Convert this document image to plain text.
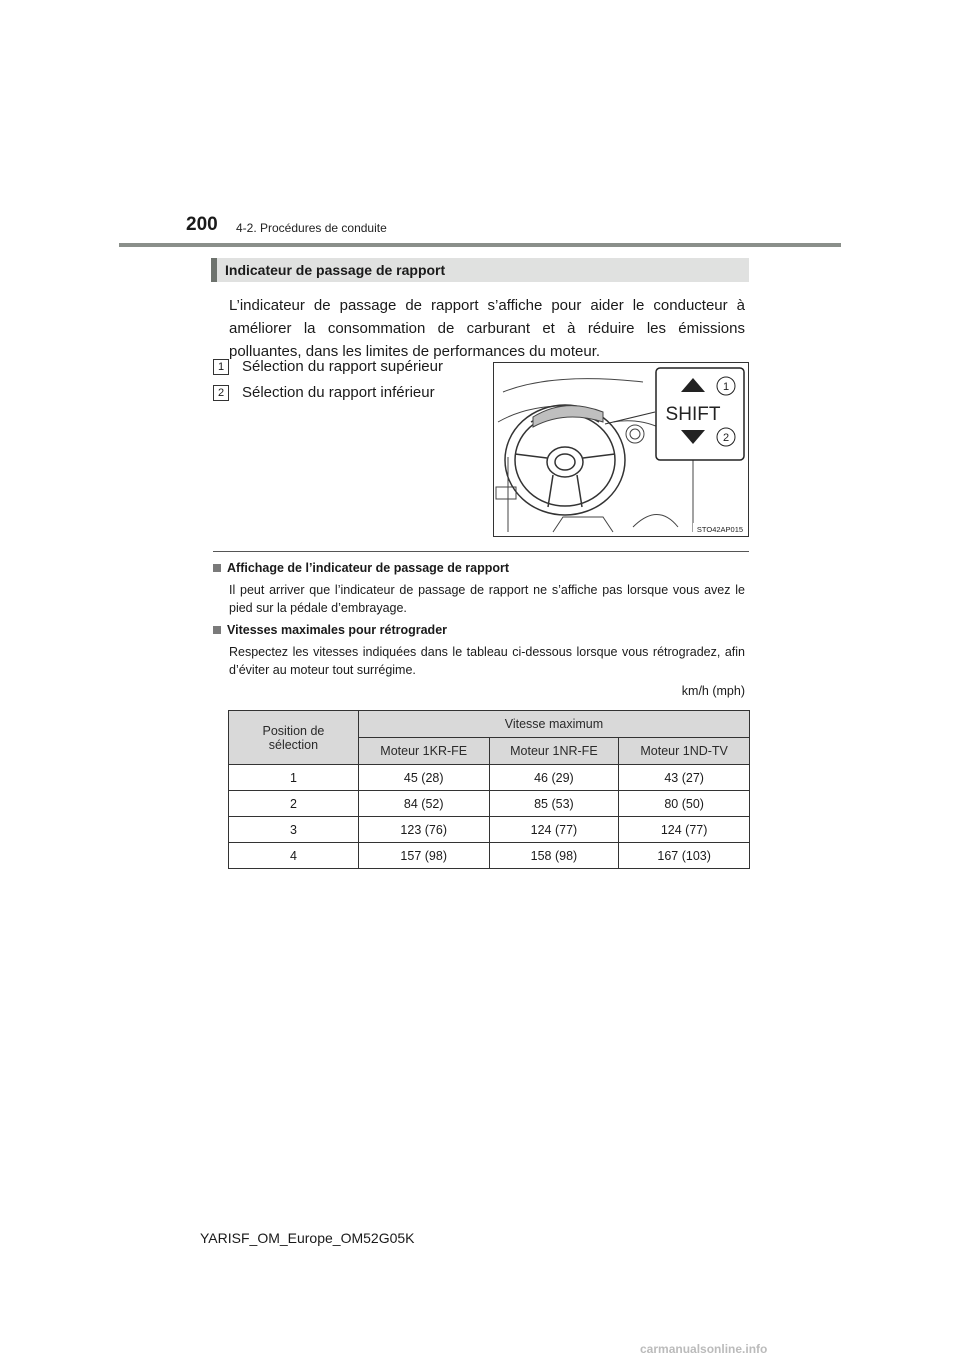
200 4-2. Procédures de conduite
Indicateur de passage de rapport
L’indicateur de passage de rapport s’affiche pour aider le conducteur à améliorer la consommation de carburant et à réduire les émissions polluantes, dans les limites de performances du moteur.
1	Sélection du rapport supérieur
2	Sélection du rapport inférieur
SHIFT
1
2
STO42AP015
Affichage de l’indicateur de passage de rapport
Il peut arriver que l’indicateur de passage de rapport ne s’affiche pas lorsque vous avez le pied sur la pédale d’embrayage.
Vitesses maximales pour rétrograder
Respectez les vitesses indiquées dans le tableau ci-dessous lorsque vous rétrogradez, afin d’éviter au moteur tout surrégime.
km/h (mph)
Position de sélection	Vitesse maximum		
	Moteur 1KR-FE	Moteur 1NR-FE	Moteur 1ND-TV
1	45 (28)	46 (29)	43 (27)
2	84 (52)	85 (53)	80 (50)
3	123 (76)	124 (77)	124 (77)
4	157 (98)	158 (98)	167 (103)
YARISF_OM_Europe_OM52G05K
carmanualsonline.info
